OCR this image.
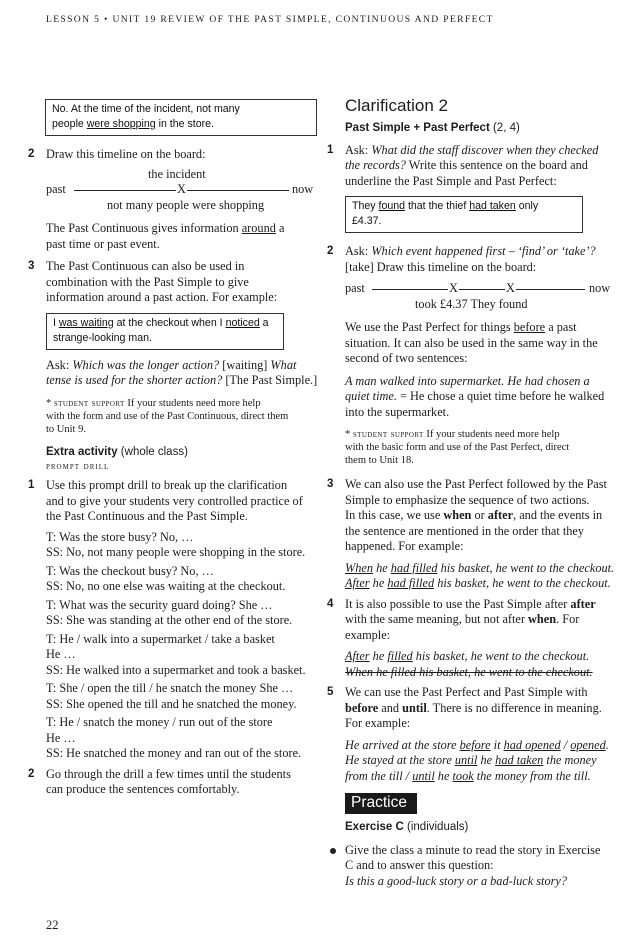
LESSON 5 • UNIT 19 REVIEW OF THE PAST SIMPLE, CONTINUOUS AND PERFECT
No. At the time of the incident, not many
people were shopping in the store.
2 Draw this timeline on the board:
the incident
past	X	now
not many people were shopping
The Past Continuous gives information around a
past time or past event.
3 The Past Continuous can also be used in
combination with the Past Simple to give
information around a past action. For example:
I was waiting at the checkout when I noticed a
strange-looking man.
Ask: Which was the longer action? [waiting] What
tense is used for the shorter action? [The Past Simple.]
* student support If your students need more help
with the form and use of the Past Continuous, direct them
to Unit 9.
Extra activity (whole class)
prompt drill
1 Use this prompt drill to break up the clarification
and to give your students very controlled practice of
the Past Continuous and the Past Simple.
T: Was the store busy? No, …
SS: No, not many people were shopping in the store.
T: Was the checkout busy? No, …
SS: No, no one else was waiting at the checkout.
T: What was the security guard doing? She …
SS: She was standing at the other end of the store.
T: He / walk into a supermarket / take a basket
He …
SS: He walked into a supermarket and took a basket.
T: She / open the till / he snatch the money She …
SS: She opened the till and he snatched the money.
T: He / snatch the money / run out of the store
He …
SS: He snatched the money and ran out of the store.
2 Go through the drill a few times until the students
can produce the sentences comfortably.
Clarification 2
Past Simple + Past Perfect (2, 4)
1 Ask: What did the staff discover when they checked
the records? Write this sentence on the board and
underline the Past Simple and Past Perfect:
They found that the thief had taken only
£4.37.
2 Ask: Which event happened first – ‘find’ or ‘take’?
[take] Draw this timeline on the board:
past	X	X	now
took £4.37 They found
We use the Past Perfect for things before a past
situation. It can also be used in the same way in the
second of two sentences:
A man walked into supermarket. He had chosen a
quiet time. = He chose a quiet time before he walked
into the supermarket.
* student support If your students need more help
with the basic form and use of the Past Perfect, direct
them to Unit 18.
3 We can also use the Past Perfect followed by the Past
Simple to emphasize the sequence of two actions.
In this case, we use when or after, and the events in
the sentence are mentioned in the order that they
happened. For example:
When he had filled his basket, he went to the checkout.
After he had filled his basket, he went to the checkout.
4 It is also possible to use the Past Simple after after
with the same meaning, but not after when. For
example:
After he filled his basket, he went to the checkout.
When he filled his basket, he went to the checkout.
5 We can use the Past Perfect and Past Simple with
before and until. There is no difference in meaning.
For example:
He arrived at the store before it had opened / opened.
He stayed at the store until he had taken the money
from the till / until he took the money from the till.
Practice
Exercise C (individuals)
Give the class a minute to read the story in Exercise
C and to answer this question:
Is this a good-luck story or a bad-luck story?
22
